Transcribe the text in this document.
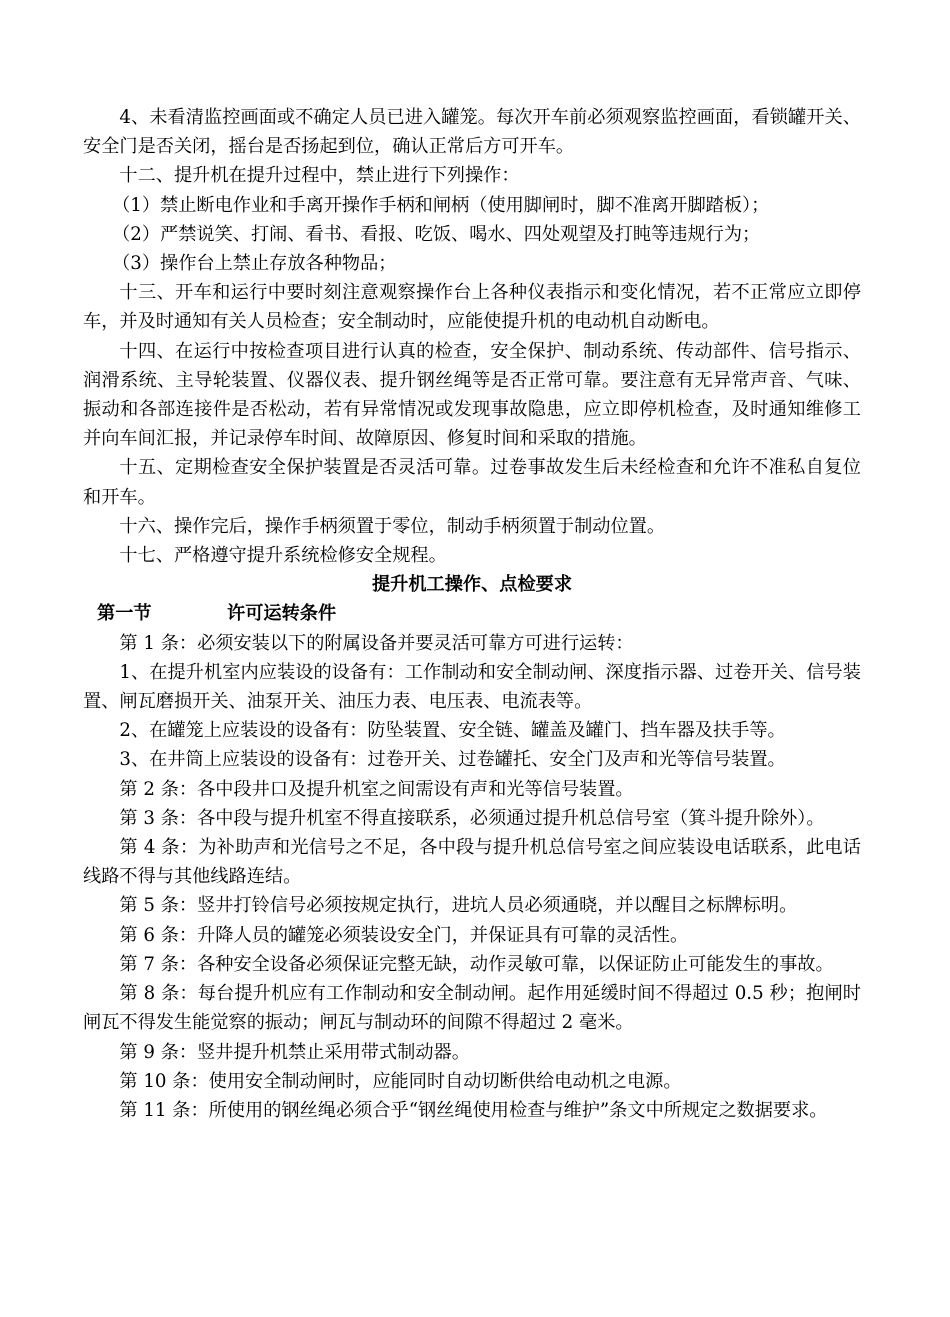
4、未看清监控画面或不确定人员已进入罐笼。每次开车前必须观察监控画面，看锁罐开关、安全门是否关闭，摇台是否扬起到位，确认正常后方可开车。

十二、提升机在提升过程中，禁止进行下列操作：

（1）禁止断电作业和手离开操作手柄和闸柄（使用脚闸时，脚不准离开脚踏板）；

（2）严禁说笑、打闹、看书、看报、吃饭、喝水、四处观望及打盹等违规行为；

（3）操作台上禁止存放各种物品；

十三、开车和运行中要时刻注意观察操作台上各种仪表指示和变化情况，若不正常应立即停车，并及时通知有关人员检查；安全制动时，应能使提升机的电动机自动断电。

十四、在运行中按检查项目进行认真的检查，安全保护、制动系统、传动部件、信号指示、润滑系统、主导轮装置、仪器仪表、提升钢丝绳等是否正常可靠。要注意有无异常声音、气味、振动和各部连接件是否松动，若有异常情况或发现事故隐患，应立即停机检查，及时通知维修工并向车间汇报，并记录停车时间、故障原因、修复时间和采取的措施。

十五、定期检查安全保护装置是否灵活可靠。过卷事故发生后未经检查和允许不准私自复位和开车。

十六、操作完后，操作手柄须置于零位，制动手柄须置于制动位置。

十七、严格遵守提升系统检修安全规程。

提升机工操作、点检要求

第一节	许可运转条件

第 1 条：必须安装以下的附属设备并要灵活可靠方可进行运转：

1、在提升机室内应装设的设备有：工作制动和安全制动闸、深度指示器、过卷开关、信号装置、闸瓦磨损开关、油泵开关、油压力表、电压表、电流表等。

2、在罐笼上应装设的设备有：防坠装置、安全链、罐盖及罐门、挡车器及扶手等。

3、在井筒上应装设的设备有：过卷开关、过卷罐托、安全门及声和光等信号装置。

第 2 条：各中段井口及提升机室之间需设有声和光等信号装置。

第 3 条：各中段与提升机室不得直接联系，必须通过提升机总信号室（箕斗提升除外）。

第 4 条：为补助声和光信号之不足，各中段与提升机总信号室之间应装设电话联系，此电话线路不得与其他线路连结。

第 5 条：竖井打铃信号必须按规定执行，进坑人员必须通晓，并以醒目之标牌标明。

第 6 条：升降人员的罐笼必须装设安全门，并保证具有可靠的灵活性。

第 7 条：各种安全设备必须保证完整无缺，动作灵敏可靠，以保证防止可能发生的事故。

第 8 条：每台提升机应有工作制动和安全制动闸。起作用延缓时间不得超过 0.5 秒；抱闸时闸瓦不得发生能觉察的振动；闸瓦与制动环的间隙不得超过 2 毫米。

第 9 条：竖井提升机禁止采用带式制动器。

第 10 条：使用安全制动闸时，应能同时自动切断供给电动机之电源。

第 11 条：所使用的钢丝绳必须合乎“钢丝绳使用检查与维护”条文中所规定之数据要求。
